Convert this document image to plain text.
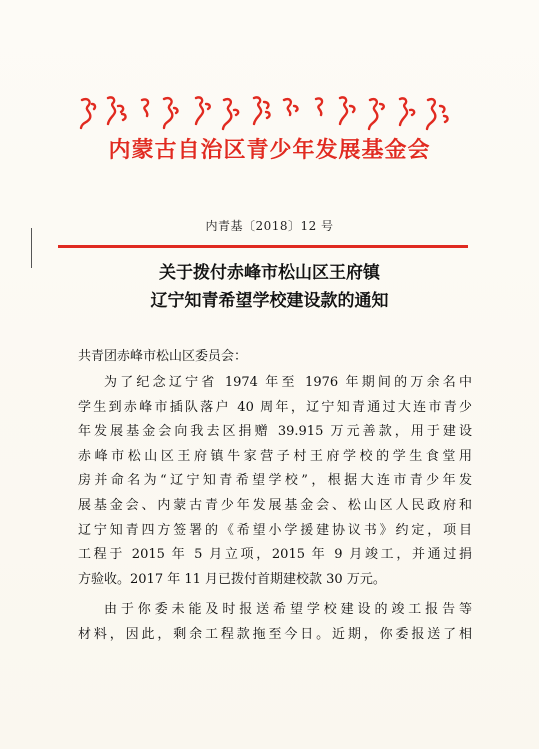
内蒙古自治区青少年发展基金会
内青基〔2018〕12 号
关于拨付赤峰市松山区王府镇
辽宁知青希望学校建设款的通知
共青团赤峰市松山区委员会：
为了纪念辽宁省 1974 年至 1976 年期间的万余名中
学生到赤峰市插队落户 40 周年，辽宁知青通过大连市青少
年发展基金会向我去区捐赠 39.915 万元善款，用于建设
赤峰市松山区王府镇牛家营子村王府学校的学生食堂用
房并命名为“辽宁知青希望学校”，根据大连市青少年发
展基金会、内蒙古青少年发展基金会、松山区人民政府和
辽宁知青四方签署的《希望小学援建协议书》约定，项目
工程于 2015 年 5 月立项，2015 年 9 月竣工，并通过捐
方验收。2017 年 11 月已拨付首期建校款 30 万元。
由于你委未能及时报送希望学校建设的竣工报告等
材料，因此，剩余工程款拖至今日。近期，你委报送了相
